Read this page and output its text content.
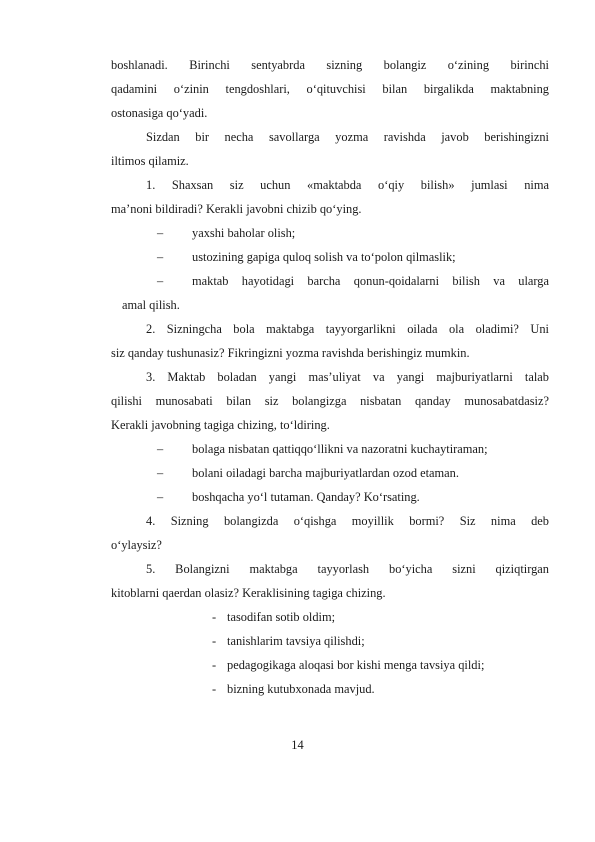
boshlanadi. Birinchi sentyabrda sizning bolangiz o‘zining birinchi
qadamini o‘zinin tengdoshlari, o‘qituvchisi bilan birgalikda maktabning
ostonasiga qo‘yadi.
Sizdan bir necha savollarga yozma ravishda javob berishingizni
iltimos qilamiz.
1. Shaxsan siz uchun «maktabda o‘qiy bilish» jumlasi nima
ma’noni bildiradi? Kerakli javobni chizib qo‘ying.
– yaxshi baholar olish;
– ustozining gapiga quloq solish va to‘polon qilmaslik;
– maktab hayotidagi barcha qonun-qoidalarni bilish va ularga
amal qilish.
2. Sizningcha bola maktabga tayyorgarlikni oilada ola oladimi? Uni
siz qanday tushunasiz? Fikringizni yozma ravishda berishingiz mumkin.
3. Maktab boladan yangi mas’uliyat va yangi majburiyatlarni talab
qilishi munosabati bilan siz bolangizga nisbatan qanday munosabatdasiz?
Kerakli javobning tagiga chizing, to‘ldiring.
– bolaga nisbatan qattiqqo‘llikni va nazoratni kuchaytiraman;
– bolani oiladagi barcha majburiyatlardan ozod etaman.
– boshqacha yo‘l tutaman. Qanday? Ko‘rsating.
4. Sizning bolangizda o‘qishga moyillik bormi? Siz nima deb
o‘ylaysiz?
5. Bolangizni maktabga tayyorlash bo‘yicha sizni qiziqtirgan
kitoblarni qaerdan olasiz? Keraklisining tagiga chizing.
- tasodifan sotib oldim;
- tanishlarim tavsiya qilishdi;
- pedagogikaga aloqasi bor kishi menga tavsiya qildi;
- bizning kutubxonada mavjud.
14
